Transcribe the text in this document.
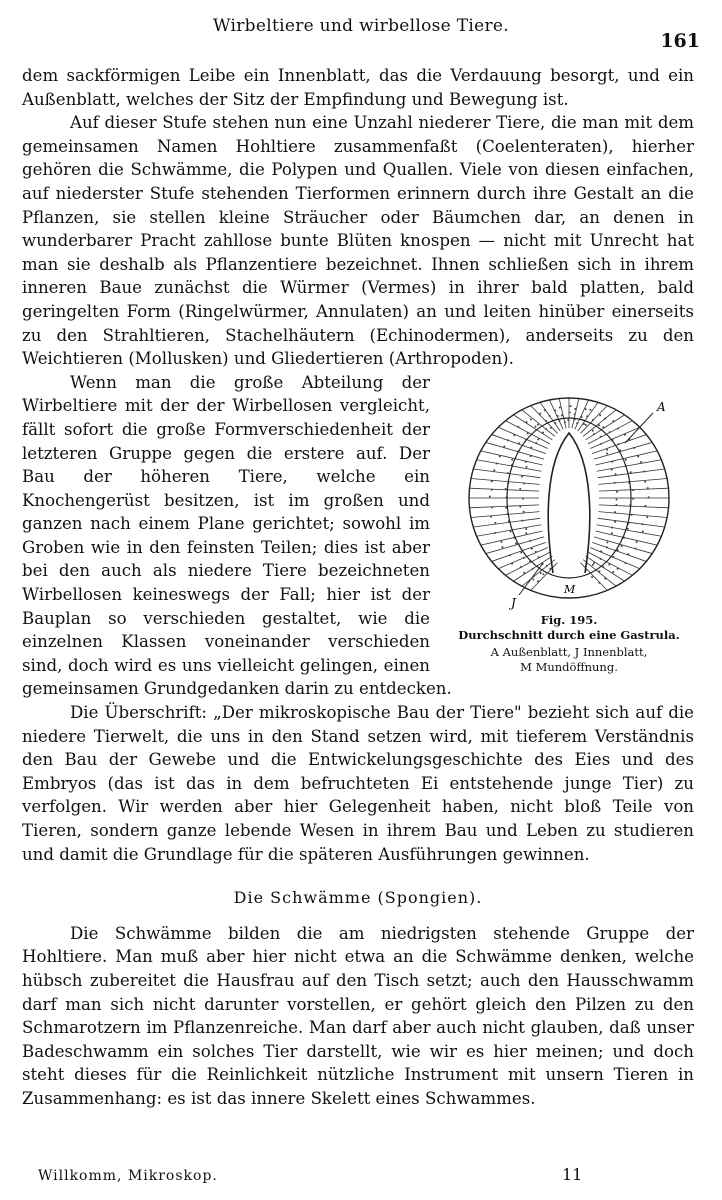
Wirbeltiere und wirbellose Tiere.
161

dem sackförmigen Leibe ein Innenblatt, das die Verdauung besorgt, und ein Außenblatt, welches der Sitz der Empfindung und Bewegung ist.

Auf dieser Stufe stehen nun eine Unzahl niederer Tiere, die man mit dem gemeinsamen Namen Hohltiere zusammenfaßt (Coelenteraten), hierher gehören die Schwämme, die Polypen und Quallen. Viele von diesen einfachen, auf niederster Stufe stehenden Tierformen erinnern durch ihre Gestalt an die Pflanzen, sie stellen kleine Sträucher oder Bäumchen dar, an denen in wunderbarer Pracht zahllose bunte Blüten knospen — nicht mit Unrecht hat man sie deshalb als Pflanzentiere bezeichnet. Ihnen schließen sich in ihrem inneren Baue zunächst die Würmer (Vermes) in ihrer bald platten, bald geringelten Form (Ringelwürmer, Annulaten) an und leiten hinüber einerseits zu den Strahltieren, Stachelhäutern (Echinodermen), anderseits zu den Weichtieren (Mollusken) und Gliedertieren (Arthropoden).

A
J
M
Fig. 195.
Durchschnitt durch eine Gastrula.
A Außenblatt, J Innenblatt,
M Mundöffnung.

Wenn man die große Abteilung der Wirbeltiere mit der der Wirbellosen vergleicht, fällt sofort die große Formverschiedenheit der letzteren Gruppe gegen die erstere auf. Der Bau der höheren Tiere, welche ein Knochengerüst besitzen, ist im großen und ganzen nach einem Plane gerichtet; sowohl im Groben wie in den feinsten Teilen; dies ist aber bei den auch als niedere Tiere bezeichneten Wirbellosen keineswegs der Fall; hier ist der Bauplan so verschieden gestaltet, wie die einzelnen Klassen voneinander verschieden sind, doch wird es uns vielleicht gelingen, einen gemeinsamen Grundgedanken darin zu entdecken.

Die Überschrift: „Der mikroskopische Bau der Tiere" bezieht sich auf die niedere Tierwelt, die uns in den Stand setzen wird, mit tieferem Verständnis den Bau der Gewebe und die Entwickelungsgeschichte des Eies und des Embryos (das ist das in dem befruchteten Ei entstehende junge Tier) zu verfolgen. Wir werden aber hier Gelegenheit haben, nicht bloß Teile von Tieren, sondern ganze lebende Wesen in ihrem Bau und Leben zu studieren und damit die Grundlage für die späteren Ausführungen gewinnen.

Die Schwämme (Spongien).

Die Schwämme bilden die am niedrigsten stehende Gruppe der Hohltiere. Man muß aber hier nicht etwa an die Schwämme denken, welche hübsch zubereitet die Hausfrau auf den Tisch setzt; auch den Hausschwamm darf man sich nicht darunter vorstellen, er gehört gleich den Pilzen zu den Schmarotzern im Pflanzenreiche. Man darf aber auch nicht glauben, daß unser Badeschwamm ein solches Tier darstellt, wie wir es hier meinen; und doch steht dieses für die Reinlichkeit nützliche Instrument mit unsern Tieren in Zusammenhang: es ist das innere Skelett eines Schwammes.

Willkomm, Mikroskop.	11
